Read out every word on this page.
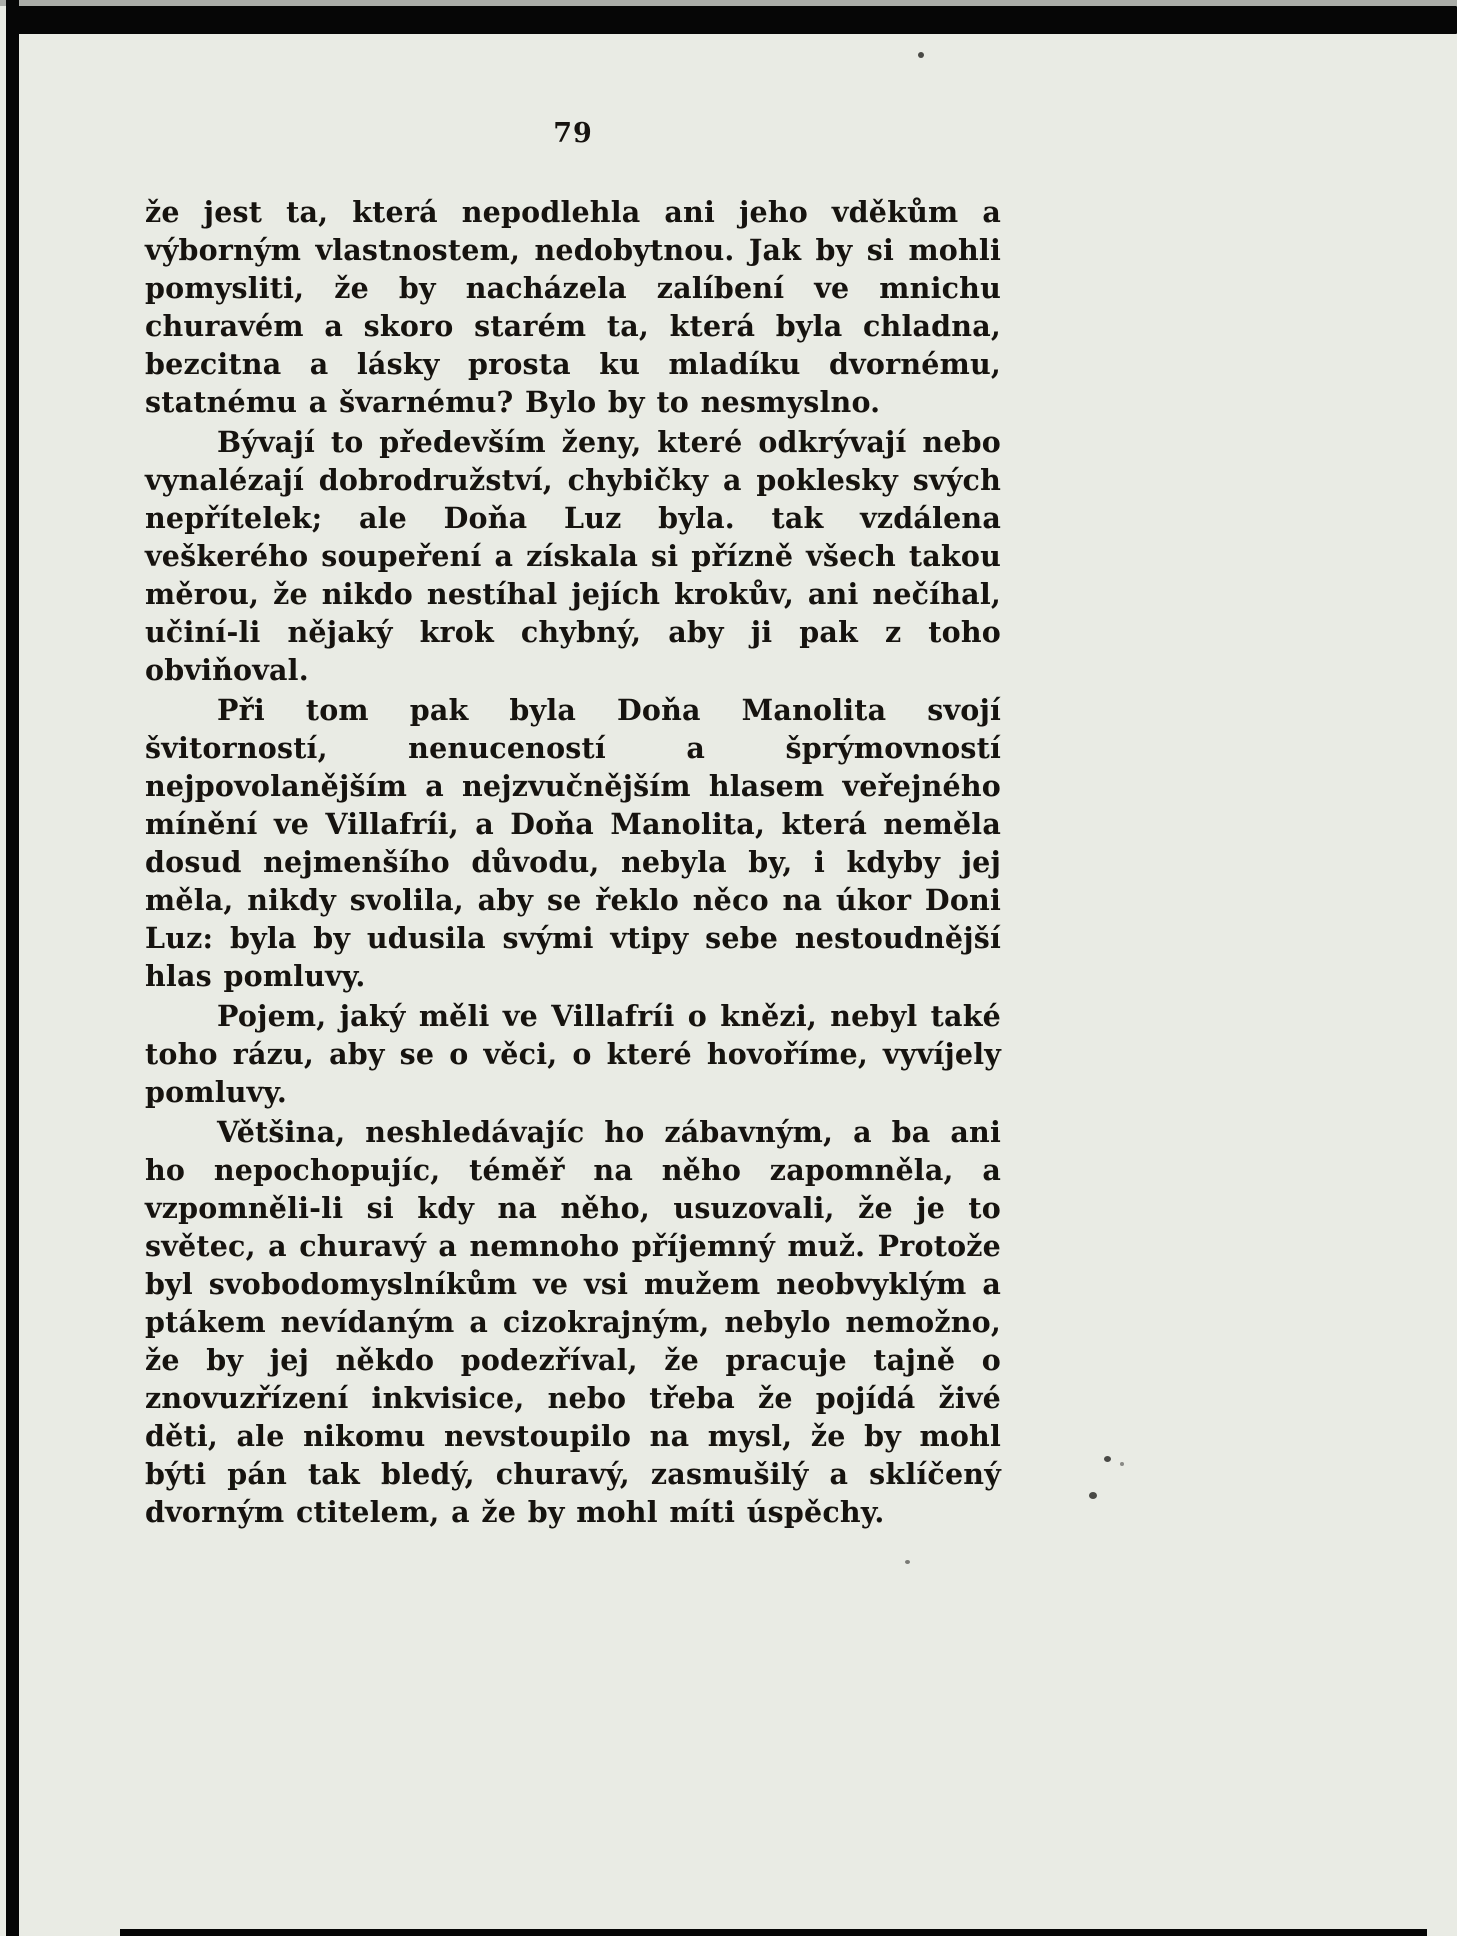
79

že jest ta, která nepodlehla ani jeho vděkům a výborným vlastnostem, nedobytnou. Jak by si mohli pomysliti, že by nacházela zalíbení ve mnichu churavém a skoro starém ta, která byla chladna, bezcitna a lásky prosta ku mladíku dvornému, statnému a švarnému? Bylo by to nesmyslno.

Bývají to především ženy, které odkrývají nebo vynalézají dobrodružství, chybičky a poklesky svých nepřítelek; ale Doňa Luz byla. tak vzdálena veškerého soupeření a získala si přízně všech takou měrou, že nikdo nestíhal jejích krokův, ani nečíhal, učiní-li nějaký krok chybný, aby ji pak z toho obviňoval.

Při tom pak byla Doňa Manolita svojí švitorností, nenuceností a šprýmovností nejpovolanějším a nejzvučnějším hlasem veřejného mínění ve Villafríi, a Doňa Manolita, která neměla dosud nejmenšího důvodu, nebyla by, i kdyby jej měla, nikdy svolila, aby se řeklo něco na úkor Doni Luz: byla by udusila svými vtipy sebe nestoudnější hlas pomluvy.

Pojem, jaký měli ve Villafríi o knězi, nebyl také toho rázu, aby se o věci, o které hovoříme, vyvíjely pomluvy.

Většina, neshledávajíc ho zábavným, a ba ani ho nepochopujíc, téměř na něho zapomněla, a vzpomněli-li si kdy na něho, usuzovali, že je to světec, a churavý a nemnoho příjemný muž. Protože byl svobodomyslníkům ve vsi mužem neobvyklým a ptákem nevídaným a cizokrajným, nebylo nemožno, že by jej někdo podezříval, že pracuje tajně o znovuzřízení inkvisice, nebo třeba že pojídá živé děti, ale nikomu nevstoupilo na mysl, že by mohl býti pán tak bledý, churavý, zasmušilý a sklíčený dvorným ctitelem, a že by mohl míti úspěchy.
